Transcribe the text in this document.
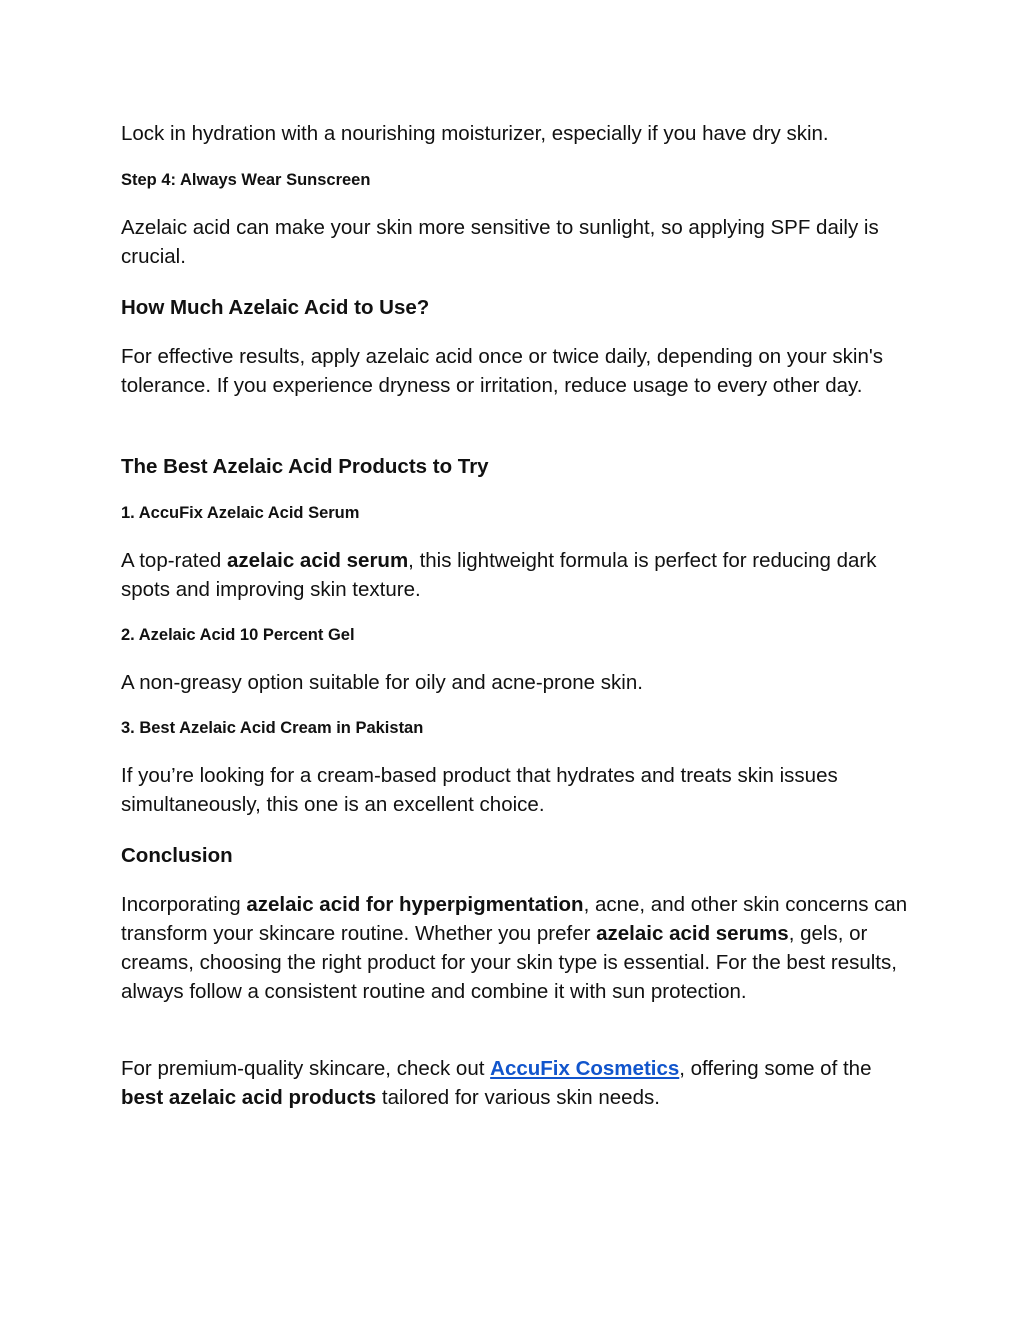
Lock in hydration with a nourishing moisturizer, especially if you have dry skin.

Step 4: Always Wear Sunscreen

Azelaic acid can make your skin more sensitive to sunlight, so applying SPF daily is crucial.

How Much Azelaic Acid to Use?

For effective results, apply azelaic acid once or twice daily, depending on your skin's tolerance. If you experience dryness or irritation, reduce usage to every other day.

The Best Azelaic Acid Products to Try
1. AccuFix Azelaic Acid Serum

A top-rated azelaic acid serum, this lightweight formula is perfect for reducing dark spots and improving skin texture.

2. Azelaic Acid 10 Percent Gel

A non-greasy option suitable for oily and acne-prone skin.

3. Best Azelaic Acid Cream in Pakistan

If you’re looking for a cream-based product that hydrates and treats skin issues simultaneously, this one is an excellent choice.

Conclusion

Incorporating azelaic acid for hyperpigmentation, acne, and other skin concerns can transform your skincare routine. Whether you prefer azelaic acid serums, gels, or creams, choosing the right product for your skin type is essential. For the best results, always follow a consistent routine and combine it with sun protection.

For premium-quality skincare, check out AccuFix Cosmetics, offering some of the best azelaic acid products tailored for various skin needs.
